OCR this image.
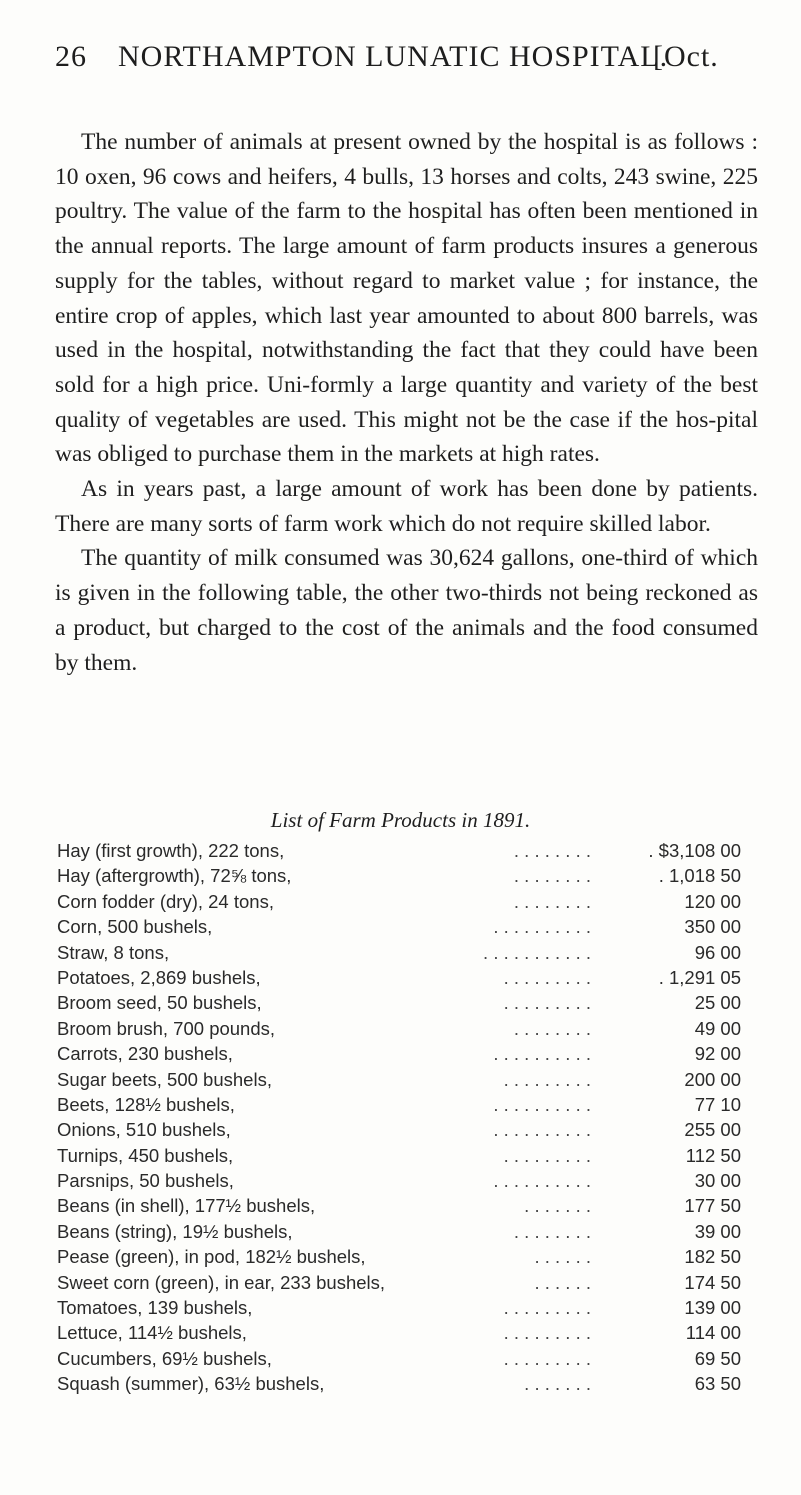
26 NORTHAMPTON LUNATIC HOSPITAL.
[Oct.

The number of animals at present owned by the hospital is as follows : 10 oxen, 96 cows and heifers, 4 bulls, 13 horses and colts, 243 swine, 225 poultry. The value of the farm to the hospital has often been mentioned in the annual reports. The large amount of farm products insures a generous supply for the tables, without regard to market value ; for instance, the entire crop of apples, which last year amounted to about 800 barrels, was used in the hospital, notwithstanding the fact that they could have been sold for a high price. Uni-formly a large quantity and variety of the best quality of vegetables are used. This might not be the case if the hos-pital was obliged to purchase them in the markets at high rates.

As in years past, a large amount of work has been done by patients. There are many sorts of farm work which do not require skilled labor.

The quantity of milk consumed was 30,624 gallons, one-third of which is given in the following table, the other two-thirds not being reckoned as a product, but charged to the cost of the animals and the food consumed by them.

List of Farm Products in 1891.
Hay (first growth), 222 tons,	. . . . . . . .	. $3,108 00
Hay (aftergrowth), 72⅝ tons,	. . . . . . . .	. 1,018 50
Corn fodder (dry), 24 tons,	. . . . . . . .	120 00
Corn, 500 bushels,	. . . . . . . . . .	350 00
Straw, 8 tons,	. . . . . . . . . . .	96 00
Potatoes, 2,869 bushels,	. . . . . . . . .	. 1,291 05
Broom seed, 50 bushels,	. . . . . . . . .	25 00
Broom brush, 700 pounds,	. . . . . . . .	49 00
Carrots, 230 bushels,	. . . . . . . . . .	92 00
Sugar beets, 500 bushels,	. . . . . . . . .	200 00
Beets, 128½ bushels,	. . . . . . . . . .	77 10
Onions, 510 bushels,	. . . . . . . . . .	255 00
Turnips, 450 bushels,	. . . . . . . . .	112 50
Parsnips, 50 bushels,	. . . . . . . . . .	30 00
Beans (in shell), 177½ bushels,	. . . . . . .	177 50
Beans (string), 19½ bushels,	. . . . . . . .	39 00
Pease (green), in pod, 182½ bushels,	. . . . . .	182 50
Sweet corn (green), in ear, 233 bushels,	. . . . . .	174 50
Tomatoes, 139 bushels,	. . . . . . . . .	139 00
Lettuce, 114½ bushels,	. . . . . . . . .	114 00
Cucumbers, 69½ bushels,	. . . . . . . . .	69 50
Squash (summer), 63½ bushels,	. . . . . . .	63 50
